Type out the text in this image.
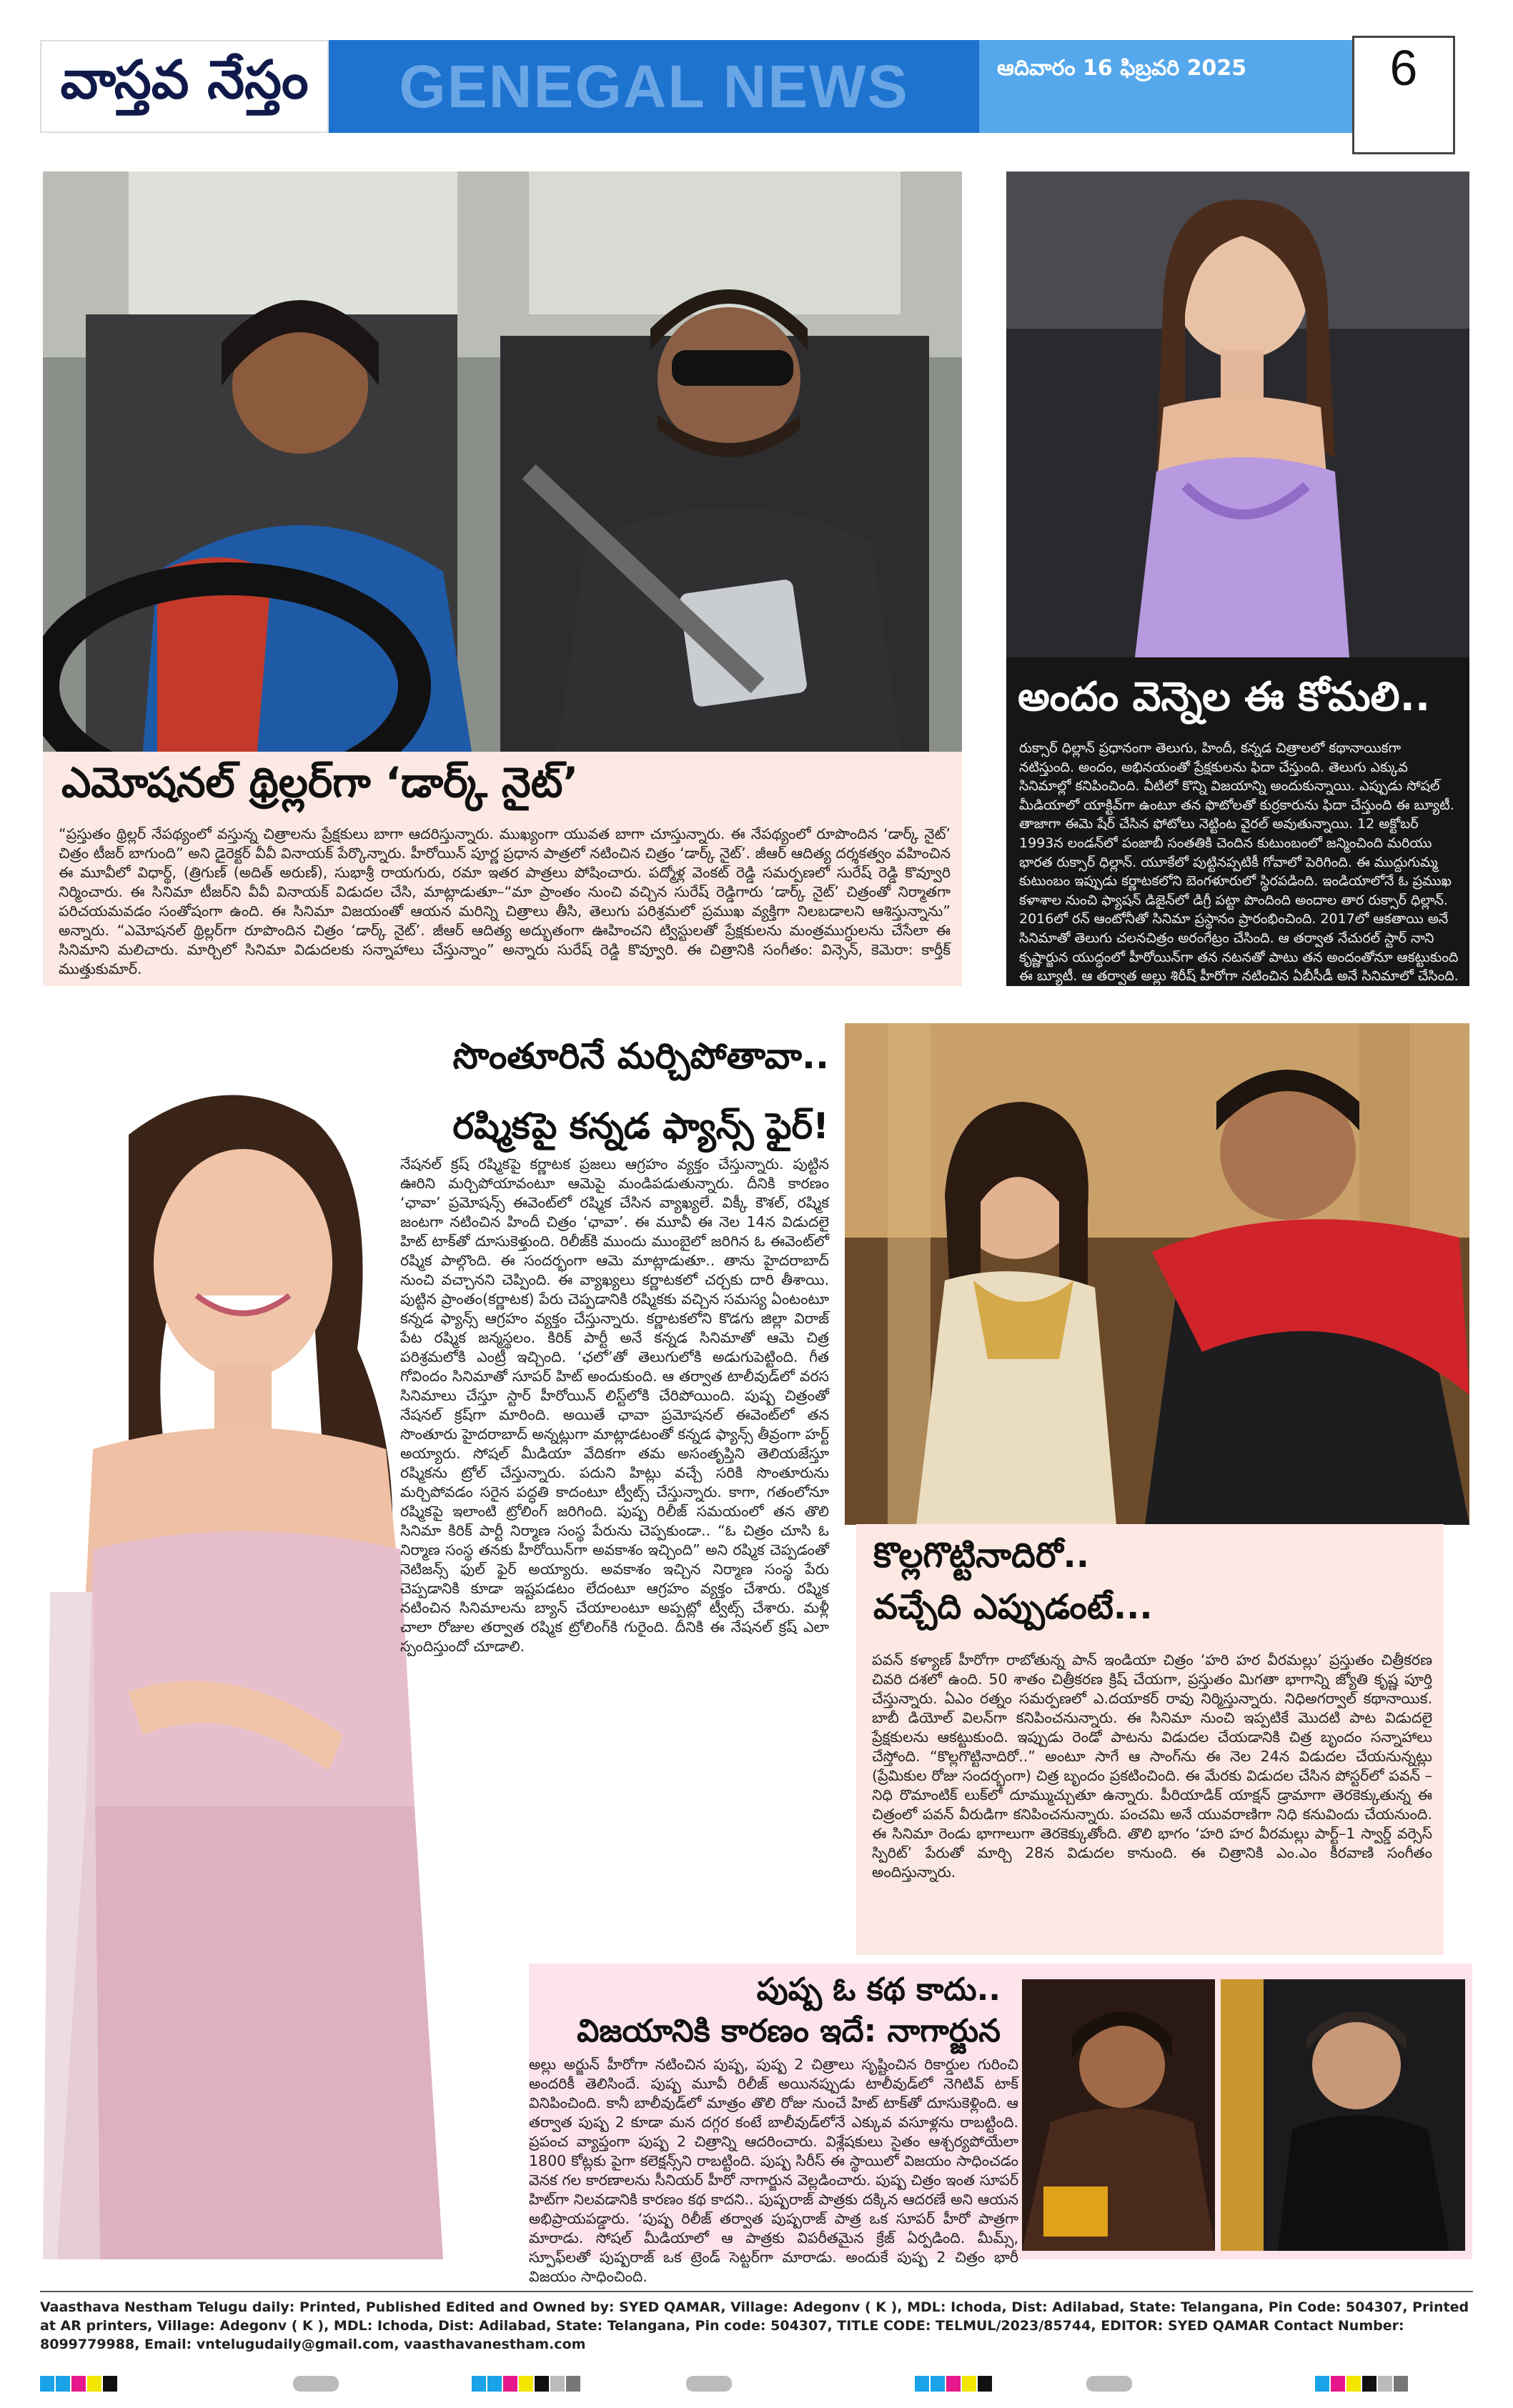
వాస్తవ నేస్తం GENEGAL NEWS	ఆదివారం 16 ఫిబ్రవరి 2025	6
ఎమోషనల్ థ్రిల్లర్‌గా ‘డార్క్ నైట్’
“ప్రస్తుతం థ్రిల్లర్ నేపథ్యంలో వస్తున్న చిత్రాలను ప్రేక్షకులు బాగా ఆదరిస్తున్నారు. ముఖ్యంగా యువత బాగా చూస్తున్నారు. ఈ నేపథ్యంలో రూపొందిన ‘డార్క్ నైట్’ చిత్రం టీజర్ బాగుంది” అని డైరెక్టర్ వీవీ వినాయక్ పేర్కొన్నారు. హీరోయిన్ పూర్ణ ప్రధాన పాత్రలో నటించిన చిత్రం ‘డార్క్ నైట్’. జీఆర్ ఆదిత్య దర్శకత్వం వహించిన ఈ మూవీలో విధార్థ్, (త్రిగుణ్ (అదిత్ అరుణ్), సుభాశ్రీ రాయగురు, రమా ఇతర పాత్రలు పోషించారు. పద్మోళ్ల వెంకట్ రెడ్డి సమర్పణలో సురేష్ రెడ్డి కొవ్వూరి నిర్మించారు. ఈ సినిమా టీజర్‌ని వీవీ వినాయక్ విడుదల చేసి, మాట్లాడుతూ–“మా ప్రాంతం నుంచి వచ్చిన సురేష్ రెడ్డిగారు ‘డార్క్ నైట్’ చిత్రంతో నిర్మాతగా పరిచయమవడం సంతోషంగా ఉంది. ఈ సినిమా విజయంతో ఆయన మరిన్ని చిత్రాలు తీసి, తెలుగు పరిశ్రమలో ప్రముఖ వ్యక్తిగా నిలబడాలని ఆశిస్తున్నాను” అన్నారు. “ఎమోషనల్ థ్రిల్లర్‌గా రూపొందిన చిత్రం ‘డార్క్ నైట్’. జీఆర్ ఆదిత్య అద్భుతంగా ఊహించని ట్విస్టులతో ప్రేక్షకులను మంత్రముగ్ధులను చేసేలా ఈ సినిమాని మలిచారు. మార్చిలో సినిమా విడుదలకు సన్నాహాలు చేస్తున్నాం” అన్నారు సురేష్ రెడ్డి కొవ్వూరి. ఈ చిత్రానికి సంగీతం: విన్సెన్, కెమెరా: కార్తీక్ ముత్తుకుమార్.
అందం వెన్నెల ఈ కోమలి..
రుక్సార్ ధిల్లాన్ ప్రధానంగా తెలుగు, హిందీ, కన్నడ చిత్రాలలో కథానాయికగా నటిస్తుంది. అందం, అభినయంతో ప్రేక్షకులను ఫిదా చేస్తుంది. తెలుగు ఎక్కువ సినిమాల్లో కనిపించింది. వీటిలో కొన్ని విజయాన్ని అందుకున్నాయి. ఎప్పుడు సోషల్ మీడియాలో యాక్టివ్‌గా ఉంటూ తన ఫొటోలతో కుర్రకారును ఫిదా చేస్తుంది ఈ బ్యూటీ. తాజాగా ఈమె షేర్ చేసిన ఫోటోలు నెట్టింట వైరల్ అవుతున్నాయి. 12 అక్టోబర్ 1993న లండన్‌లో పంజాబీ సంతతికి చెందిన కుటుంబంలో జన్మించింది మరియు భారత రుక్సార్ ధిల్లాన్. యూకేలో పుట్టినప్పటికీ గోవాలో పెరిగింది. ఈ ముద్దుగుమ్మ కుటుంబం ఇప్పుడు కర్ణాటకలోని బెంగళూరులో స్థిరపడింది. ఇండియాలోనే ఓ ప్రముఖ కళాశాల నుంచి ఫ్యాషన్ డిజైన్‌లో డిగ్రీ పట్టా పొందింది అందాల తార రుక్సార్ ధిల్లాన్. 2016లో రన్ ఆంటోనీతో సినిమా ప్రస్థానం ప్రారంభించింది. 2017లో ఆకతాయి అనే సినిమాతో తెలుగు చలనచిత్రం అరంగేట్రం చేసింది. ఆ తర్వాత నేచురల్ స్టార్ నాని కృష్ణార్జున యుద్ధంలో హీరోయిన్‌గా తన నటనతో పాటు తన అందంతోనూ ఆకట్టుకుంది ఈ బ్యూటీ. ఆ తర్వాత అల్లు శిరీష్ హీరోగా నటించిన ఏబీసీడీ అనే సినిమాలో చేసింది.
సొంతూరినే మర్చిపోతావా..
రష్మికపై కన్నడ ఫ్యాన్స్ ఫైర్!
నేషనల్ క్రష్ రష్మికపై కర్ణాటక ప్రజలు ఆగ్రహం వ్యక్తం చేస్తున్నారు. పుట్టిన ఊరిని మర్చిపోయావంటూ ఆమెపై మండిపడుతున్నారు. దీనికి కారణం ‘ఛావా’ ప్రమోషన్స్ ఈవెంట్‌లో రష్మిక చేసిన వ్యాఖ్యలే. విక్కీ కౌశల్, రష్మిక జంటగా నటించిన హిందీ చిత్రం ‘ఛావా’. ఈ మూవీ ఈ నెల 14న విడుదలై హిట్ టాక్‌తో దూసుకెళ్తుంది. రిలీజ్‌కి ముందు ముంబైలో జరిగిన ఓ ఈవెంట్‌లో రష్మిక పాల్గొంది. ఈ సందర్భంగా ఆమె మాట్లాడుతూ.. తాను హైదరాబాద్ నుంచి వచ్చానని చెప్పింది. ఈ వ్యాఖ్యలు కర్ణాటకలో చర్చకు దారి తీశాయి. పుట్టిన ప్రాంతం(కర్ణాటక) పేరు చెప్పడానికి రష్మికకు వచ్చిన సమస్య ఏంటంటూ కన్నడ ఫ్యాన్స్ ఆగ్రహం వ్యక్తం చేస్తున్నారు. కర్ణాటకలోని కొడగు జిల్లా విరాజ్ పేట రష్మిక జన్మస్థలం. కిరిక్ పార్టీ అనే కన్నడ సినిమాతో ఆమె చిత్ర పరిశ్రమలోకి ఎంట్రీ ఇచ్చింది. ‘ఛలో’తో తెలుగులోకి అడుగుపెట్టింది. గీత గోవిందం సినిమాతో సూపర్ హిట్ అందుకుంది. ఆ తర్వాత టాలీవుడ్‌లో వరస సినిమాలు చేస్తూ స్టార్ హీరోయిన్ లిస్ట్‌లోకి చేరిపోయింది. పుష్ప చిత్రంతో నేషనల్ క్రష్‌గా మారింది. అయితే ఛావా ప్రమోషనల్ ఈవెంట్‌లో తన సొంతూరు హైదరాబాద్ అన్నట్లుగా మాట్లాడటంతో కన్నడ ఫ్యాన్స్ తీవ్రంగా హర్ట్ అయ్యారు. సోషల్ మీడియా వేదికగా తమ అసంతృప్తిని తెలియజేస్తూ రష్మికను ట్రోల్ చేస్తున్నారు. పదుని హిట్లు వచ్చే సరికి సొంతూరును మర్చిపోవడం సరైన పద్ధతి కాదంటూ ట్వీట్స్ చేస్తున్నారు. కాగా, గతంలోనూ రష్మికపై ఇలాంటి ట్రోలింగ్ జరిగింది. పుష్ప రిలీజ్ సమయంలో తన తొలి సినిమా కిరిక్ పార్టీ నిర్మాణ సంస్థ పేరును చెప్పకుండా.. “ఓ చిత్రం చూసి ఓ నిర్మాణ సంస్థ తనకు హీరోయిన్‌గా అవకాశం ఇచ్చింది” అని రష్మిక చెప్పడంతో నెటిజన్స్ ఫుల్ ఫైర్ అయ్యారు. అవకాశం ఇచ్చిన నిర్మాణ సంస్థ పేరు చెప్పడానికి కూడా ఇష్టపడటం లేదంటూ ఆగ్రహం వ్యక్తం చేశారు. రష్మిక నటించిన సినిమాలను బ్యాన్ చేయాలంటూ అప్పట్లో ట్వీట్స్ చేశారు. మళ్లీ చాలా రోజుల తర్వాత రష్మిక ట్రోలింగ్‌కి గురైంది. దీనికి ఈ నేషనల్ క్రష్ ఎలా స్పందిస్తుందో చూడాలి.
కొల్లగొట్టినాదిరో..
వచ్చేది ఎప్పుడంటే...
పవన్ కళ్యాణ్ హీరోగా రాబోతున్న పాన్ ఇండియా చిత్రం ‘హరి హర వీరమల్లు’ ప్రస్తుతం చిత్రీకరణ చివరి దశలో ఉంది. 50 శాతం చిత్రీకరణ క్రిష్ చేయగా, ప్రస్తుతం మిగతా భాగాన్ని జ్యోతి కృష్ణ పూర్తి చేస్తున్నారు. ఏఎం రత్నం సమర్పణలో ఎ.దయాకర్ రావు నిర్మిస్తున్నారు. నిధిఅగర్వాల్ కథానాయిక. బాబీ డియోల్ విలన్‌గా కనిపించనున్నారు. ఈ సినిమా నుంచి ఇప్పటికే మొదటి పాట విడుదలై ప్రేక్షకులను ఆకట్టుకుంది. ఇప్పుడు రెండో పాటను విడుదల చేయడానికి చిత్ర బృందం సన్నాహాలు చేస్తోంది. “కొల్లగొట్టినాదిరో..” అంటూ సాగే ఆ సాంగ్‌ను ఈ నెల 24న విడుదల చేయనున్నట్లు (ప్రేమికుల రోజు సందర్భంగా) చిత్ర బృందం ప్రకటించింది. ఈ మేరకు విడుదల చేసిన పోస్టర్‌లో పవన్ – నిధి రొమాంటిక్ లుక్‌లో దూమ్ముచ్చుతూ ఉన్నారు. పీరియాడిక్ యాక్షన్ డ్రామాగా తెరకెక్కుతున్న ఈ చిత్రంలో పవన్ వీరుడిగా కనిపించనున్నారు. పంచమి అనే యువరాణిగా నిధి కనువిందు చేయనుంది. ఈ సినిమా రెండు భాగాలుగా తెరకెక్కుతోంది. తొలి భాగం ‘హరి హర వీరమల్లు పార్ట్–1 స్వార్డ్ వర్సెస్ స్పిరిట్’ పేరుతో మార్చి 28న విడుదల కానుంది. ఈ చిత్రానికి ఎం.ఎం కీరవాణి సంగీతం అందిస్తున్నారు.
పుష్ప ఓ కథ కాదు..
విజయానికి కారణం ఇదే: నాగార్జున
అల్లు అర్జున్ హీరోగా నటించిన పుష్ప, పుష్ప 2 చిత్రాలు సృష్టించిన రికార్డుల గురించి అందరికీ తెలిసిందే. పుష్ప మూవీ రిలీజ్ అయినప్పుడు టాలీవుడ్‌లో నెగిటివ్ టాక్ వినిపించింది. కానీ బాలీవుడ్‌లో మాత్రం తొలి రోజు నుంచే హిట్ టాక్‌తో దూసుకెళ్లింది. ఆ తర్వాత పుష్ప 2 కూడా మన దగ్గర కంటే బాలీవుడ్‌లోనే ఎక్కువ వసూళ్లను రాబట్టింది. ప్రపంచ వ్యాప్తంగా పుష్ప 2 చిత్రాన్ని ఆదరించారు. విశ్లేషకులు సైతం ఆశ్చర్యపోయేలా 1800 కోట్లకు పైగా కలెక్షన్స్‌ని రాబట్టింది. పుష్ప సిరీస్ ఈ స్థాయిలో విజయం సాధించడం వెనక గల కారణాలను సీనియర్ హీరో నాగార్జున వెల్లడించారు. పుష్ప చిత్రం ఇంత సూపర్ హిట్‌గా నిలవడానికి కారణం కథ కాదని.. పుష్పరాజ్ పాత్రకు దక్కిన ఆదరణే అని ఆయన అభిప్రాయపడ్డారు. ‘పుష్ప రిలీజ్ తర్వాత పుష్పరాజ్ పాత్ర ఒక సూపర్ హీరో పాత్రగా మారాడు. సోషల్ మీడియాలో ఆ పాత్రకు విపరీతమైన క్రేజ్ ఏర్పడింది. మీమ్స్, స్పూఫ్‌లతో పుష్పరాజ్ ఒక ట్రెండ్ సెట్టర్‌గా మారాడు. అందుకే పుష్ప 2 చిత్రం భారీ విజయం సాధించింది.
Vaasthava Nestham Telugu daily: Printed, Published Edited and Owned by: SYED QAMAR, Village: Adegonv ( K ), MDL: Ichoda, Dist: Adilabad, State: Telangana, Pin Code: 504307, Printed at AR printers, Village: Adegonv ( K ), MDL: Ichoda, Dist: Adilabad, State: Telangana, Pin code: 504307, TITLE CODE: TELMUL/2023/85744, EDITOR: SYED QAMAR Contact Number: 8099779988, Email: vntelugudaily@gmail.com, vaasthavanestham.com
